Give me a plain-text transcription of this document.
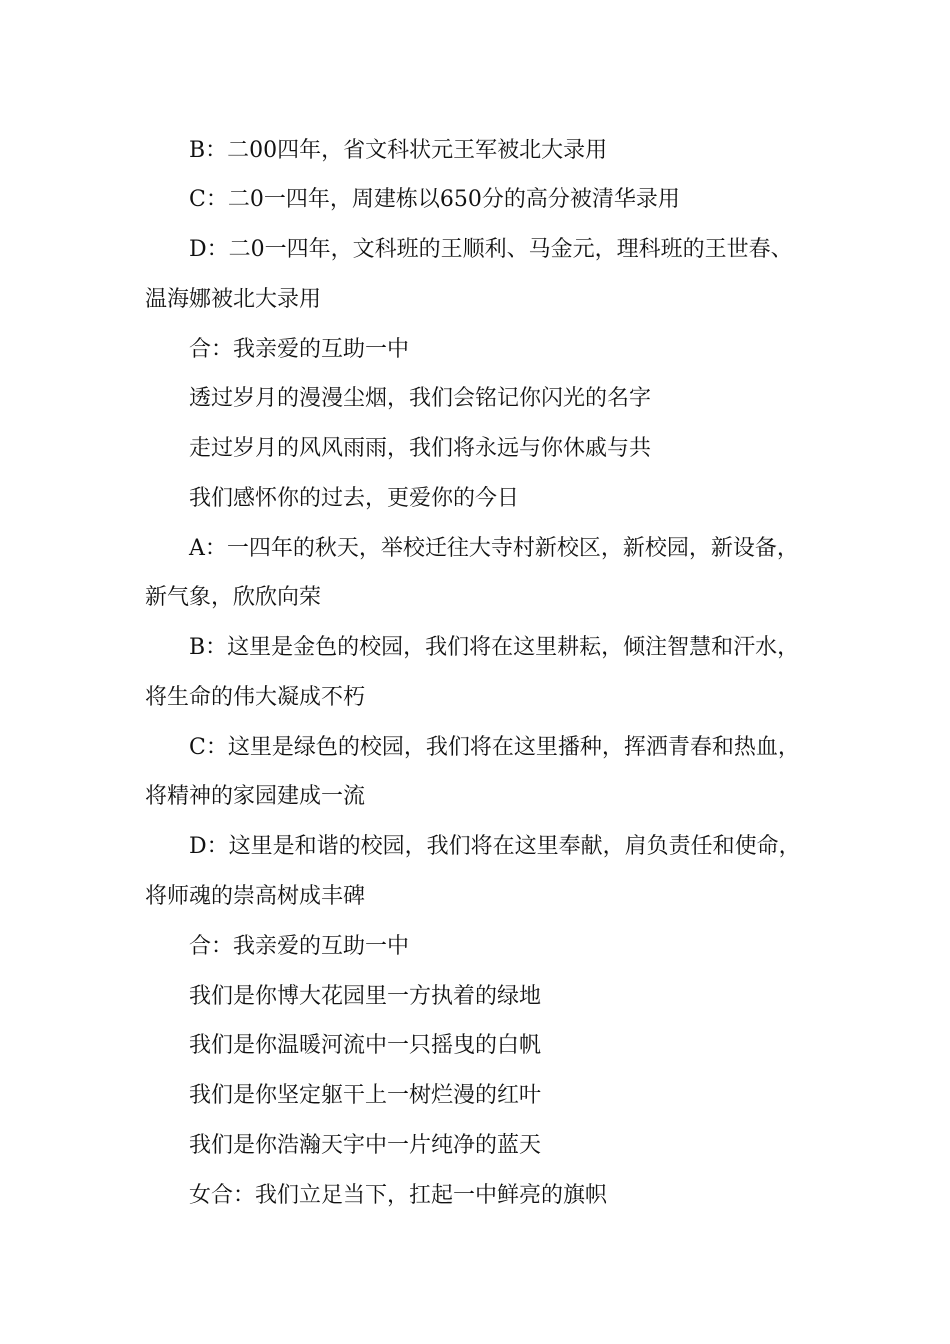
B：二00四年，省文科状元王军被北大录用
C：二0一四年，周建栋以650分的高分被清华录用
D：二0一四年，文科班的王顺利、马金元，理科班的王世春、
温海娜被北大录用
合：我亲爱的互助一中
透过岁月的漫漫尘烟，我们会铭记你闪光的名字
走过岁月的风风雨雨，我们将永远与你休戚与共
我们感怀你的过去，更爱你的今日
A：一四年的秋天，举校迁往大寺村新校区，新校园，新设备，
新气象，欣欣向荣
B：这里是金色的校园，我们将在这里耕耘，倾注智慧和汗水，
将生命的伟大凝成不朽
C：这里是绿色的校园，我们将在这里播种，挥洒青春和热血，
将精神的家园建成一流
D：这里是和谐的校园，我们将在这里奉献，肩负责任和使命，
将师魂的崇高树成丰碑
合：我亲爱的互助一中
我们是你博大花园里一方执着的绿地
我们是你温暖河流中一只摇曳的白帆
我们是你坚定躯干上一树烂漫的红叶
我们是你浩瀚天宇中一片纯净的蓝天
女合：我们立足当下，扛起一中鲜亮的旗帜
